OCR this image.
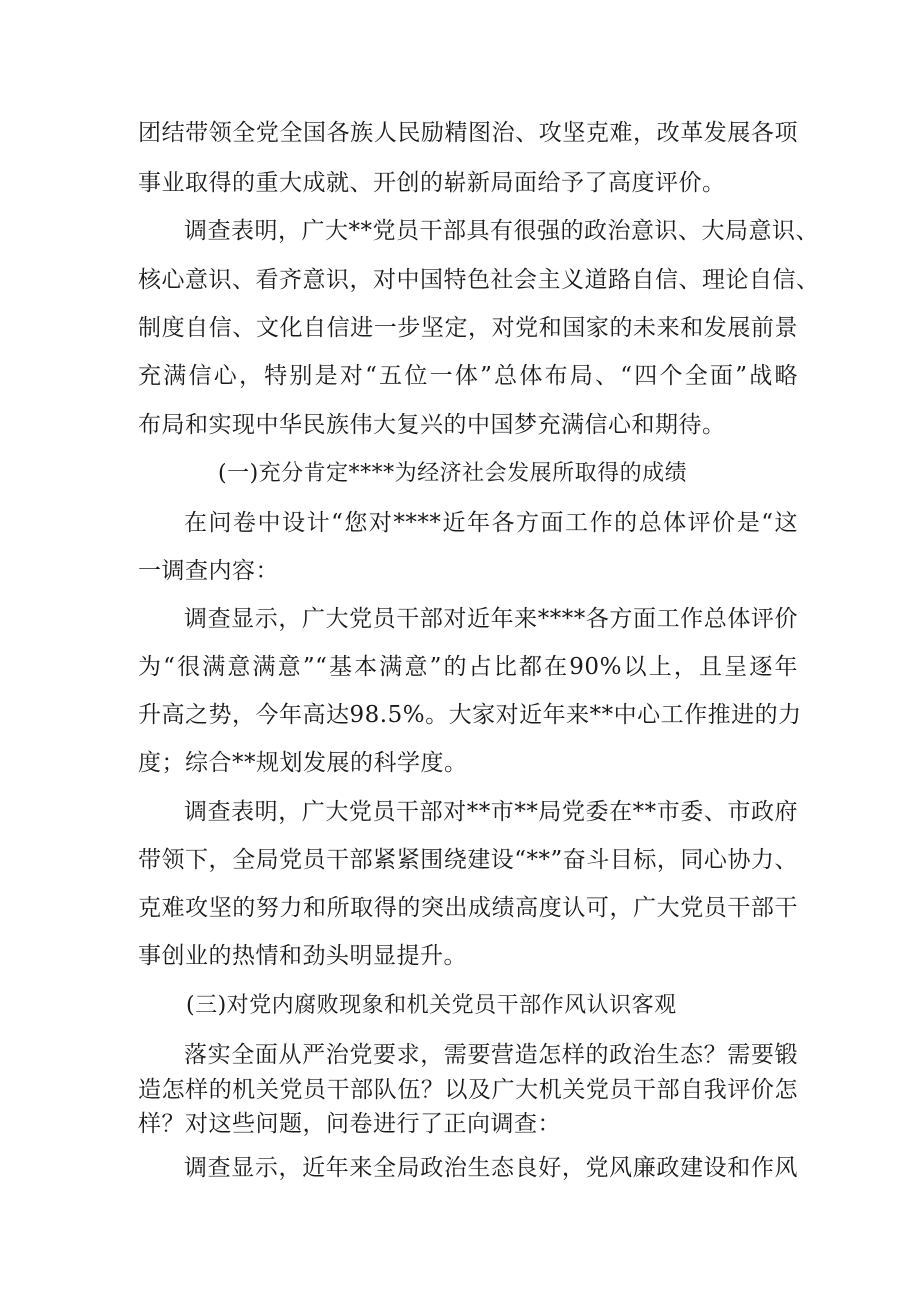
团结带领全党全国各族人民励精图治、攻坚克难，改革发展各项
事业取得的重大成就、开创的崭新局面给予了高度评价。
调查表明，广大**党员干部具有很强的政治意识、大局意识、
核心意识、看齐意识，对中国特色社会主义道路自信、理论自信、
制度自信、文化自信进一步坚定，对党和国家的未来和发展前景
充满信心，特别是对“五位一体”总体布局、“四个全面”战略
布局和实现中华民族伟大复兴的中国梦充满信心和期待。
(一)充分肯定****为经济社会发展所取得的成绩
在问卷中设计“您对****近年各方面工作的总体评价是“这
一调查内容：
调查显示，广大党员干部对近年来****各方面工作总体评价
为“很满意满意”“基本满意”的占比都在90%以上，且呈逐年
升高之势，今年高达98.5%。大家对近年来**中心工作推进的力
度；综合**规划发展的科学度。
调查表明，广大党员干部对**市**局党委在**市委、市政府
带领下，全局党员干部紧紧围绕建设“**”奋斗目标，同心协力、
克难攻坚的努力和所取得的突出成绩高度认可，广大党员干部干
事创业的热情和劲头明显提升。
(三)对党内腐败现象和机关党员干部作风认识客观
落实全面从严治党要求，需要营造怎样的政治生态？需要锻
造怎样的机关党员干部队伍？以及广大机关党员干部自我评价怎
样？对这些问题，问卷进行了正向调查：
调查显示，近年来全局政治生态良好，党风廉政建设和作风
